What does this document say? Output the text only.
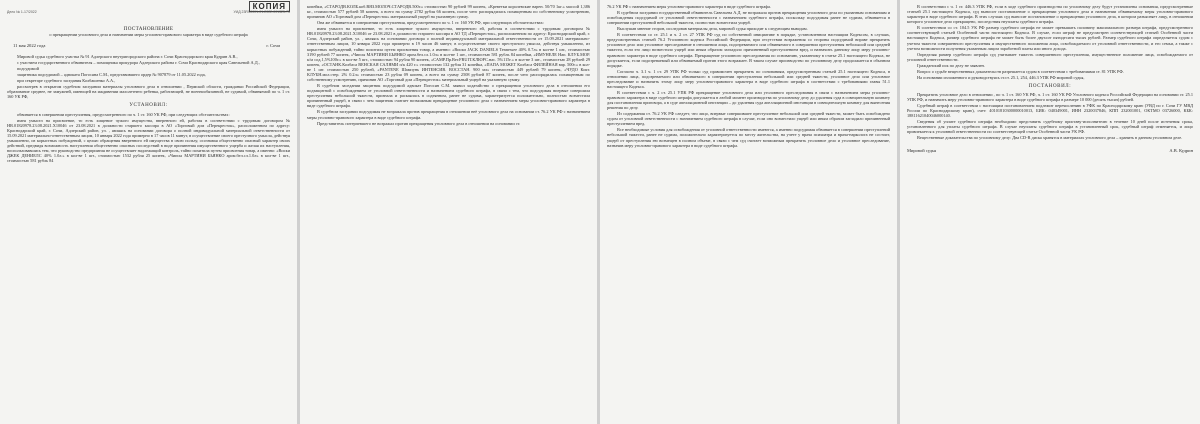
КОПИЯ
УИД 23RS0001-01-2022-001325-75
Дело № 1-17/2022
ПОСТАНОВЛЕНИЕ
о прекращении уголовного дела и назначении меры уголовно-правового характера в виде судебного штрафа
11 мая 2022 года	г. Сочи

Мировой судья судебного участка № 91 Адлерского внутригородского района г. Сочи Краснодарского края Кудрин А.В.,

с участием государственного обвинителя – помощника прокурора Адлерского района г. Сочи Краснодарского края Савельевой А.Д.,

подсудимой

защитника подсудимой – адвоката Погосяна С.М., представившего ордер № 907879 от 11.05.2022 года,

при секретаре судебного заседания Колбашенко А.А.,

рассмотрев в открытом судебном заседании материалы уголовного дела в отношении , Пермской области, гражданки Российской Федерации, образование среднее, не замужней, имеющей на иждивении малолетнего ребенка, работающей, не военнообязанной, не судимой, обвиняемой по ч. 1 ст. 160 УК РФ,

УСТАНОВИЛ:

обвиняется в совершении преступления, предусмотренного по ч. 1 ст. 160 УК РФ, при следующих обстоятельствах:

имея умысел на присвоение, то есть хищение чужого имущества, вверенного ей, работая в соответствии с трудовым договором № HR.01820978.23.08.2021.X10046 от 23.08.2021 в должности старшего кассира в АО «Торговый дом «Перекресток», расположенном по адресу: Краснодарский край, г. Сочи, Адлерский район, ул. , являясь на основании договора о полной индивидуальной материальной ответственности от 15.09.2021 материально-ответственным лицом, 10 января 2022 года примерно в 17 часов 11 минут, в осуществление своего преступного умысла, действуя умышленно, из корыстных побуждений, с целью обращения вверенного ей имущества в свою пользу, осознавая общественно опасный характер своих действий, предвидя возможность наступления общественно опасных последствий в виде причинения имущественного ущерба и желая их наступления, воспользовавшись тем, что руководство предприятия не осуществляет надлежащий контроль, тайно похитила путем присвоения товар, а именно: «Виски ДЖЕК ДЕНИЕЛС 40% 1.0л.» в кол-ве 1 шт., стоимостью 1532 рубля 25 копеек, «Чипсы МАРТИНИ БЬЯНКО аром.бел.сл.1.0л» в кол-ве 1 шт., стоимостью 581 рубль 84

копейки, «СТАРОДВ.КОЛБ.коб.ВЯЗ.МОЛОЧ.СТАРОДВ.500г.» стоимостью 90 рублей 99 копеек, «Креветки королевские варен. 50/70 1кг.» массой 1,386 кг., стоимостью 577 рублей 58 копеек, а всего на сумму 2782 рубля 66 копеек, после чего распорядилась похищенным по собственному усмотрению, причинив АО «Торговый дом «Перекресток» материальный ущерб на указанную сумму.

Она же обвиняется в совершении преступления, предусмотренного по ч. 1 ст. 160 УК РФ, при следующих обстоятельствах:

имея умысел на присвоение, то есть хищение чужого имущества, вверенного ей, работая в соответствии с трудовым договором № HR.01820978.23.08.2021.X10046 от 23.08.2021 в должности старшего кассира в АО ТД «Перекресток», расположенном по адресу: Краснодарский край, г. Сочи, Адлерский район, ул. , являясь на основании договора о полной индивидуальной материальной ответственности от 15.09.2021 материально-ответственным лицом, 10 января 2022 года примерно в 19 часов 46 минут, в осуществление своего преступного умысла, действуя умышленно, из корыстных побуждений, тайно похитила путем присвоения товар, а именно: «Виски JACK DANIELS Tennessee 40% 0.7л» в кол-ве 1 шт., стоимостью 3190 рублей 77 копеек, «Чипсы МАРТИНИ БЬЯНКО аром.бел.сл.1.0л» в кол-ве 1 шт., стоимостью 581 рубль 84 копейки, «ИМУНЕЛЕ Нап. КЛУБ.МОР. к/м сод.1,5%100г.» в кол-ве 5 шт., стоимостью 94 рубля 90 копеек, «САМР.Пр.Вег.FRUIT.КЛЮРС.нас. 5%115г.» в кол-ве 3 шт., стоимостью 28 рублей 29 копеек, «ОСТАНК.Колбаса ВЕНСКАЯ САЛЯМИ п/к 420 г.» стоимостью 132 рубля 31 копейка, «ПАПА МОЖЕТ Колбаса ФИЛЕЙНАЯ вар. 500г.» в кол-ве 1 шт. стоимостью 250 рублей, «PANTENE Шампунь ИНТЕНСИВ. ВОССТАН. 900 мл» стоимостью 449 рублей 79 копеек, «ЧУДО Кокт. КЛУБН.мол.стер. 2% 0.2л» стоимостью 23 рубля 09 копеек, а всего на сумму 2508 рублей 87 копеек, после чего распорядилась похищенным по собственному усмотрению, причинив АО «Торговый дом «Перекресток» материальный ущерб на указанную сумму.

В судебном заседании защитник подсудимой адвокат Погосян С.М. заявил ходатайство о прекращении уголовного дела в отношении его подзащитной с освобождением от уголовной ответственности и назначением судебного штрафа, в связи с тем, что подсудимая впервые совершила преступления небольшой тяжести, признала и раскаялась в содеянном, ранее не судима, характеризуется положительно, полностью возместила причиненный ущерб, в связи с чем защитник считает возможным прекращение уголовного дела с назначением меры уголовно-правового характера в виде судебного штрафа.

В судебном заседании подсудимая не возражала против прекращения в отношении неё уголовного дела на основании ст. 76.2 УК РФ с назначением меры уголовно-правового характера в виде судебного штрафа.

Представитель потерпевшего не возражал против прекращения уголовного дела в отношении на основании ст.

76.2 УК РФ с назначением меры уголовно-правового характера в виде судебного штрафа.

В судебном заседании государственный обвинитель Савельева А.Д. не возражала против прекращения уголовного дела по указанным основаниям и освобождения подсудимой от уголовной ответственности с назначением судебного штрафа, поскольку подсудимая ранее не судима, обвиняется в совершении преступлений небольшой тяжести, полностью возместила ущерб.

Выслушав мнение сторон, исследовав материалы дела, мировой судья приходит к следующим выводам.

В соответствии со ст. 25.1 и ч. 2 ст. 27 УПК РФ суд по собственной инициативе в порядке, установленном настоящим Кодексом, в случаях, предусмотренных статьей 76.2 Уголовного кодекса Российской Федерации, при отсутствии возражения со стороны подсудимой вправе прекратить уголовное дело или уголовное преследование в отношении лица, подозреваемого или обвиняемого в совершении преступления небольшой или средней тяжести, если это лицо возместило ущерб или иным образом загладило причиненный преступлением вред, и назначить данному лицу меру уголовно-правового характера в виде судебного штрафа. Прекращение уголовного преследования по основанию, указанному в статье 25.1 настоящего Кодекса, не допускается, если подозреваемый или обвиняемый против этого возражает. В таком случае производство по уголовному делу продолжается в обычном порядке.

Согласно ч. 3.1 ч. 1 ст. 29 УПК РФ только суд правомочен прекратить по основаниям, предусмотренным статьей 25.1 настоящего Кодекса, в отношении лица, подозреваемого или обвиняемого в совершении преступления небольшой или средней тяжести, уголовное дело или уголовное преследование и назначить этому лицу меру уголовно-правового характера в виде судебного штрафа в соответствии с требованиями главы 51.1 настоящего Кодекса.

В соответствии с ч. 2 ст. 25.1 УПК РФ прекращение уголовного дела или уголовного преследования в связи с назначением меры уголовно-правового характера в виде судебного штрафа допускается в любой момент производства по уголовному делу до удаления суда в совещательную комнату для постановления приговора, а в суде апелляционной инстанции – до удаления суда апелляционной инстанции в совещательную комнату для вынесения решения по делу.

Из содержания ст. 76.2 УК РФ следует, что лицо, впервые совершившее преступление небольшой или средней тяжести, может быть освобождено судом от уголовной ответственности с назначением судебного штрафа в случае, если оно возместило ущерб или иным образом загладило причиненный преступлением вред.

Все необходимые условия для освобождения от уголовной ответственности имеются, а именно подсудимая обвиняется в совершении преступлений небольшой тяжести, ранее не судима, положительно характеризуется по месту жительства, на учете у врача психиатра и врача-нарколога не состоит, ущерб от преступления ею возмещен в полном объеме, в связи с чем суд считает возможным прекратить уголовное дело и уголовное преследование, назначив меру уголовно-правового характера в виде судебного штрафа.

В соответствии с ч. 1 ст. 446.3 УПК РФ, если в ходе судебного производства по уголовному делу будут установлены основания, предусмотренные статьей 25.1 настоящего Кодекса, суд выносит постановление о прекращении уголовного дела и назначении обвиняемому меры уголовно-правового характера в виде судебного штрафа. В этих случаях суд выносит постановление о прекращении уголовного дела, в котором разъясняет лицу, в отношении которого уголовное дело прекращено, последствия неуплаты судебного штрафа.

В соответствии со ст. 104.5 УК РФ размер судебного штрафа не может превышать половину максимального размера штрафа, предусмотренного соответствующей статьей Особенной части настоящего Кодекса. В случае, если штраф не предусмотрен соответствующей статьей Особенной части настоящего Кодекса, размер судебного штрафа не может быть более двухсот пятидесяти тысяч рублей. Размер судебного штрафа определяется судом с учетом тяжести совершенного преступления и имущественного положения лица, освобождаемого от уголовной ответственности, и его семьи, а также с учетом возможности получения указанным лицом заработной платы или иного дохода.

Определяя размер судебного штрафа суд учитывает тяжесть совершенного преступления, имущественное положение лица, освобождаемого от уголовной ответственности.

Гражданский иск по делу не заявлен.

Вопрос о судьбе вещественных доказательств разрешается судом в соответствии с требованиями ст. 81 УПК РФ.

На основании изложенного и руководствуясь ст.ст. 25.1, 254, 446.3 УПК РФ мировой судья,

ПОСТАНОВИЛ:

Прекратить уголовное дело в отношении , по ч. 1 ст. 160 УК РФ, ч. 1 ст. 160 УК РФ Уголовного кодекса Российской Федерации на основании ст. 25.1 УПК РФ, и назначить меру уголовно-правового характера в виде судебного штрафа в размере 10 000 (десять тысяч) рублей.

Судебный штраф в соответствии с настоящим постановлением подлежит перечислению в УФК по Краснодарскому краю (УВД по г. Сочи ГУ МВД России по Краснодарскому краю), счет: 40101810300000010013, БИК: 040349001, ИНН 2320037846, КПП 232001001, ОКТМО 03726000, КБК: 18811621040046000140.

Сведения об уплате судебного штрафа необходимо представить судебному приставу-исполнителю в течение 10 дней после истечения срока, установленного для уплаты судебного штрафа. В случае неуплаты судебного штрафа в установленный срок, судебный штраф отменяется, и лицо привлекается к уголовной ответственности по соответствующей статье Особенной части УК РФ.

Вещественные доказательства по уголовному делу: Два CD-R диска хранятся в материалах уголовного дела – хранить в данном уголовном деле.

Мировой судья	А.В. Кудрин
